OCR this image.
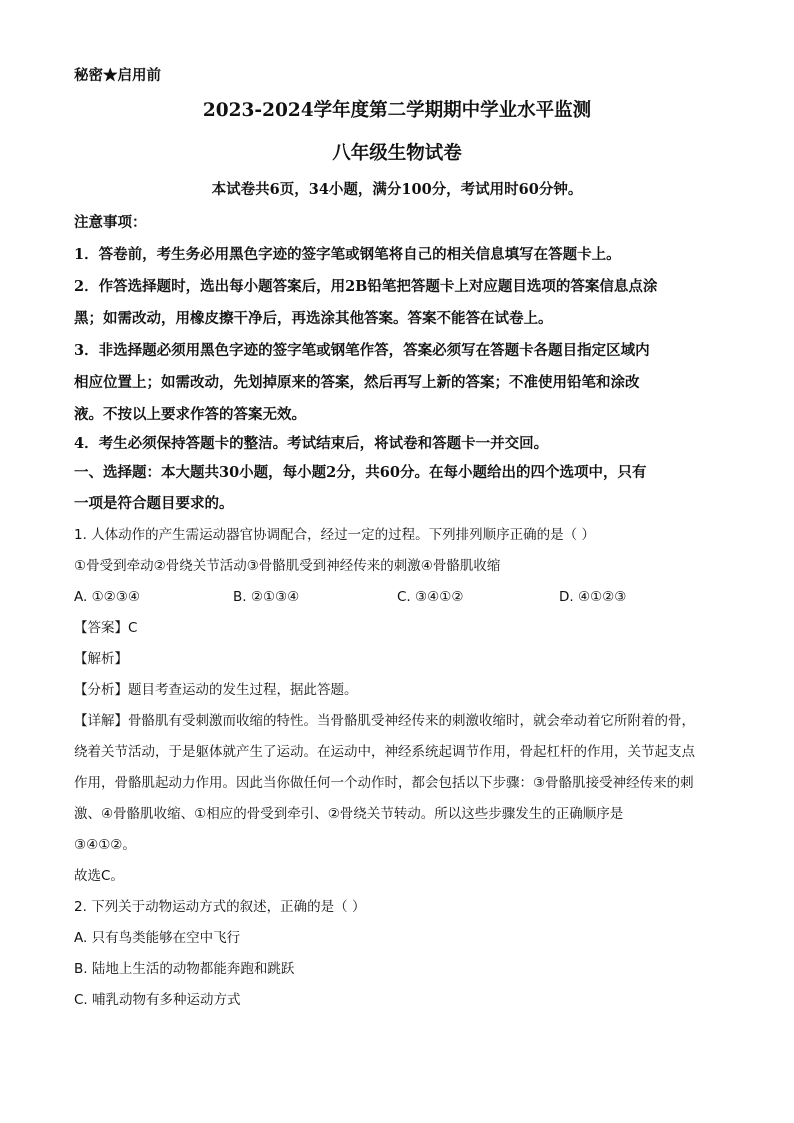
秘密★启用前
2023-2024学年度第二学期期中学业水平监测
八年级生物试卷
本试卷共6页，34小题，满分100分，考试用时60分钟。
注意事项：
1．答卷前，考生务必用黑色字迹的签字笔或钢笔将自己的相关信息填写在答题卡上。
2．作答选择题时，选出每小题答案后，用2B铅笔把答题卡上对应题目选项的答案信息点涂
黑；如需改动，用橡皮擦干净后，再选涂其他答案。答案不能答在试卷上。
3．非选择题必须用黑色字迹的签字笔或钢笔作答，答案必须写在答题卡各题目指定区域内
相应位置上；如需改动，先划掉原来的答案，然后再写上新的答案；不准使用铅笔和涂改
液。不按以上要求作答的答案无效。
4．考生必须保持答题卡的整洁。考试结束后，将试卷和答题卡一并交回。
一、选择题：本大题共30小题，每小题2分，共60分。在每小题给出的四个选项中，只有
一项是符合题目要求的。
1. 人体动作的产生需运动器官协调配合，经过一定的过程。下列排列顺序正确的是（ ）
①骨受到牵动②骨绕关节活动③骨骼肌受到神经传来的刺激④骨骼肌收缩
A. ①②③④	B. ②①③④	C. ③④①②	D. ④①②③
【答案】C
【解析】
【分析】题目考查运动的发生过程，据此答题。
【详解】骨骼肌有受刺激而收缩的特性。当骨骼肌受神经传来的刺激收缩时，就会牵动着它所附着的骨，
绕着关节活动，于是躯体就产生了运动。在运动中，神经系统起调节作用，骨起杠杆的作用，关节起支点
作用，骨骼肌起动力作用。因此当你做任何一个动作时，都会包括以下步骤：③骨骼肌接受神经传来的刺
激、④骨骼肌收缩、①相应的骨受到牵引、②骨绕关节转动。所以这些步骤发生的正确顺序是
③④①②。
故选C。
2. 下列关于动物运动方式的叙述，正确的是（ ）
A. 只有鸟类能够在空中飞行
B. 陆地上生活的动物都能奔跑和跳跃
C. 哺乳动物有多种运动方式
